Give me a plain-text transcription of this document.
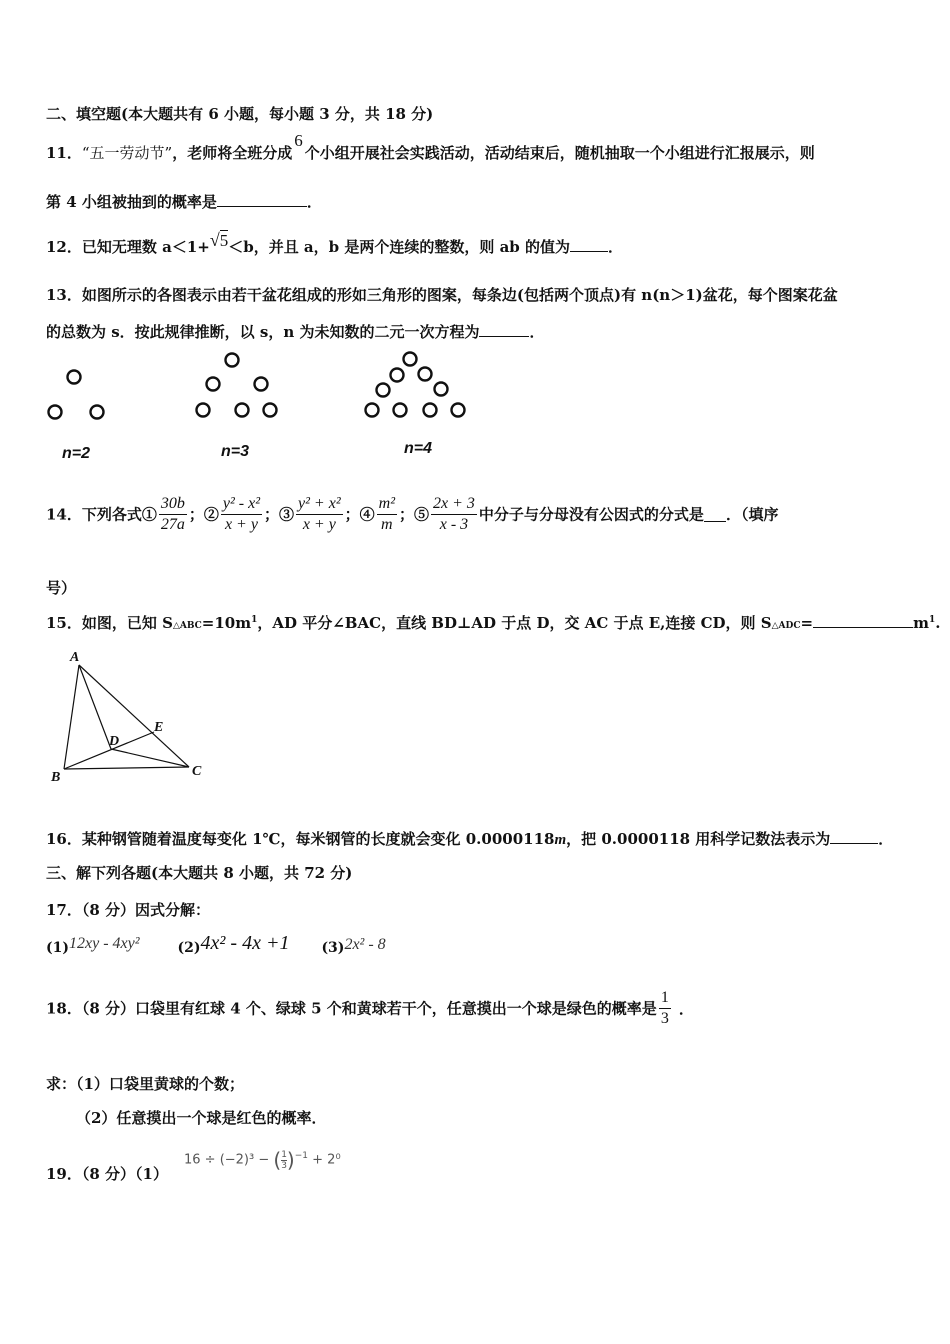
二、填空题(本大题共有 6 小题，每小题 3 分，共 18 分)
11．“五一劳动节”，老师将全班分成6个小组开展社会实践活动，活动结束后，随机抽取一个小组进行汇报展示，则
第 4 小组被抽到的概率是	．
12．已知无理数 a＜1+√5＜b，并且 a，b 是两个连续的整数，则 ab 的值为	．
13．如图所示的各图表示由若干盆花组成的形如三角形的图案，每条边(包括两个顶点)有 n(n＞1)盆花，每个图案花盆
的总数为 s．按此规律推断，以 s，n 为未知数的二元一次方程为	．
n=2	n=3	n=4
14．下列各式① $\frac{30b}{27a}$ ；② $\frac{\text{y² - x²}}{x + y}$ ；③ $\frac{\text{y² + x²}}{x + y}$ ；④ $\frac{\text{m²}}{m}$ ；⑤ $\frac{2x + 3}{x - 3}$ 中分子与分母没有公因式的分式是 ．（填序
号）
15．如图，已知 $S\triangle ABC=10m^1$，AD 平分∠BAC，直线 BD⊥AD 于点 D，交 AC 于点 E,连接 CD，则 S△ADC=	$m^1$.
A
B	C
D
E
16．某种钢管随着温度每变化 1℃，每米钢管的长度就会变化 0.0000118m，把 0.0000118 用科学记数法表示为	．
三、解下列各题(本大题共 8 小题，共 72 分)
17．（8 分）因式分解：
(1)12xy - 4xy²	(2)4x² - 4x +1 (3)2x² - 8
18．（8 分）口袋里有红球 4 个、绿球 5 个和黄球若干个，任意摸出一个球是绿色的概率是 $\frac{1}{3}$ ．
求：（1）口袋里黄球的个数；
（2）任意摸出一个球是红色的概率．
19．（8 分）（1）
16 ÷ (−2)³ − ( $\frac{1}{3} )^{-1} + 2^0$
